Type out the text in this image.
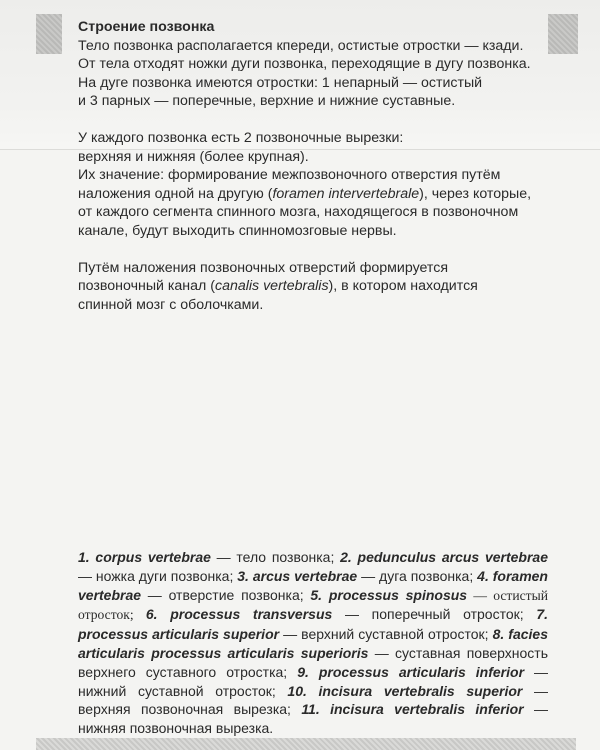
Строение позвонка
Тело позвонка располагается кпереди, остистые отростки — кзади.
От тела отходят ножки дуги позвонка, переходящие в дугу позвонка.
На дуге позвонка имеются отростки: 1 непарный — остистый
и 3 парных — поперечные, верхние и нижние суставные.
У каждого позвонка есть 2 позвоночные вырезки:
верхняя и нижняя (более крупная).
Их значение: формирование межпозвоночного отверстия путём
наложения одной на другую (foramen intervertebrale), через которые,
от каждого сегмента спинного мозга, находящегося в позвоночном
канале, будут выходить спинномозговые нервы.
Путём наложения позвоночных отверстий формируется
позвоночный канал (canalis vertebralis), в котором находится
спинной мозг с оболочками.
1. corpus vertebrae — тело позвонка; 2. pedunculus arcus vertebrae — ножка дуги позвонка; 3. arcus vertebrae — дуга позвонка; 4. foramen vertebrae — отверстие позвонка; 5. processus spinosus — остистый отросток; 6. processus transversus — поперечный отросток; 7. processus articularis superior — верхний суставной отросток; 8. facies articularis processus articularis superioris — суставная поверхность верхнего суставного отростка; 9. processus articularis inferior — нижний суставной отросток; 10. incisura vertebralis superior — верхняя позвоночная вырезка; 11. incisura vertebralis inferior — нижняя позвоночная вырезка.
